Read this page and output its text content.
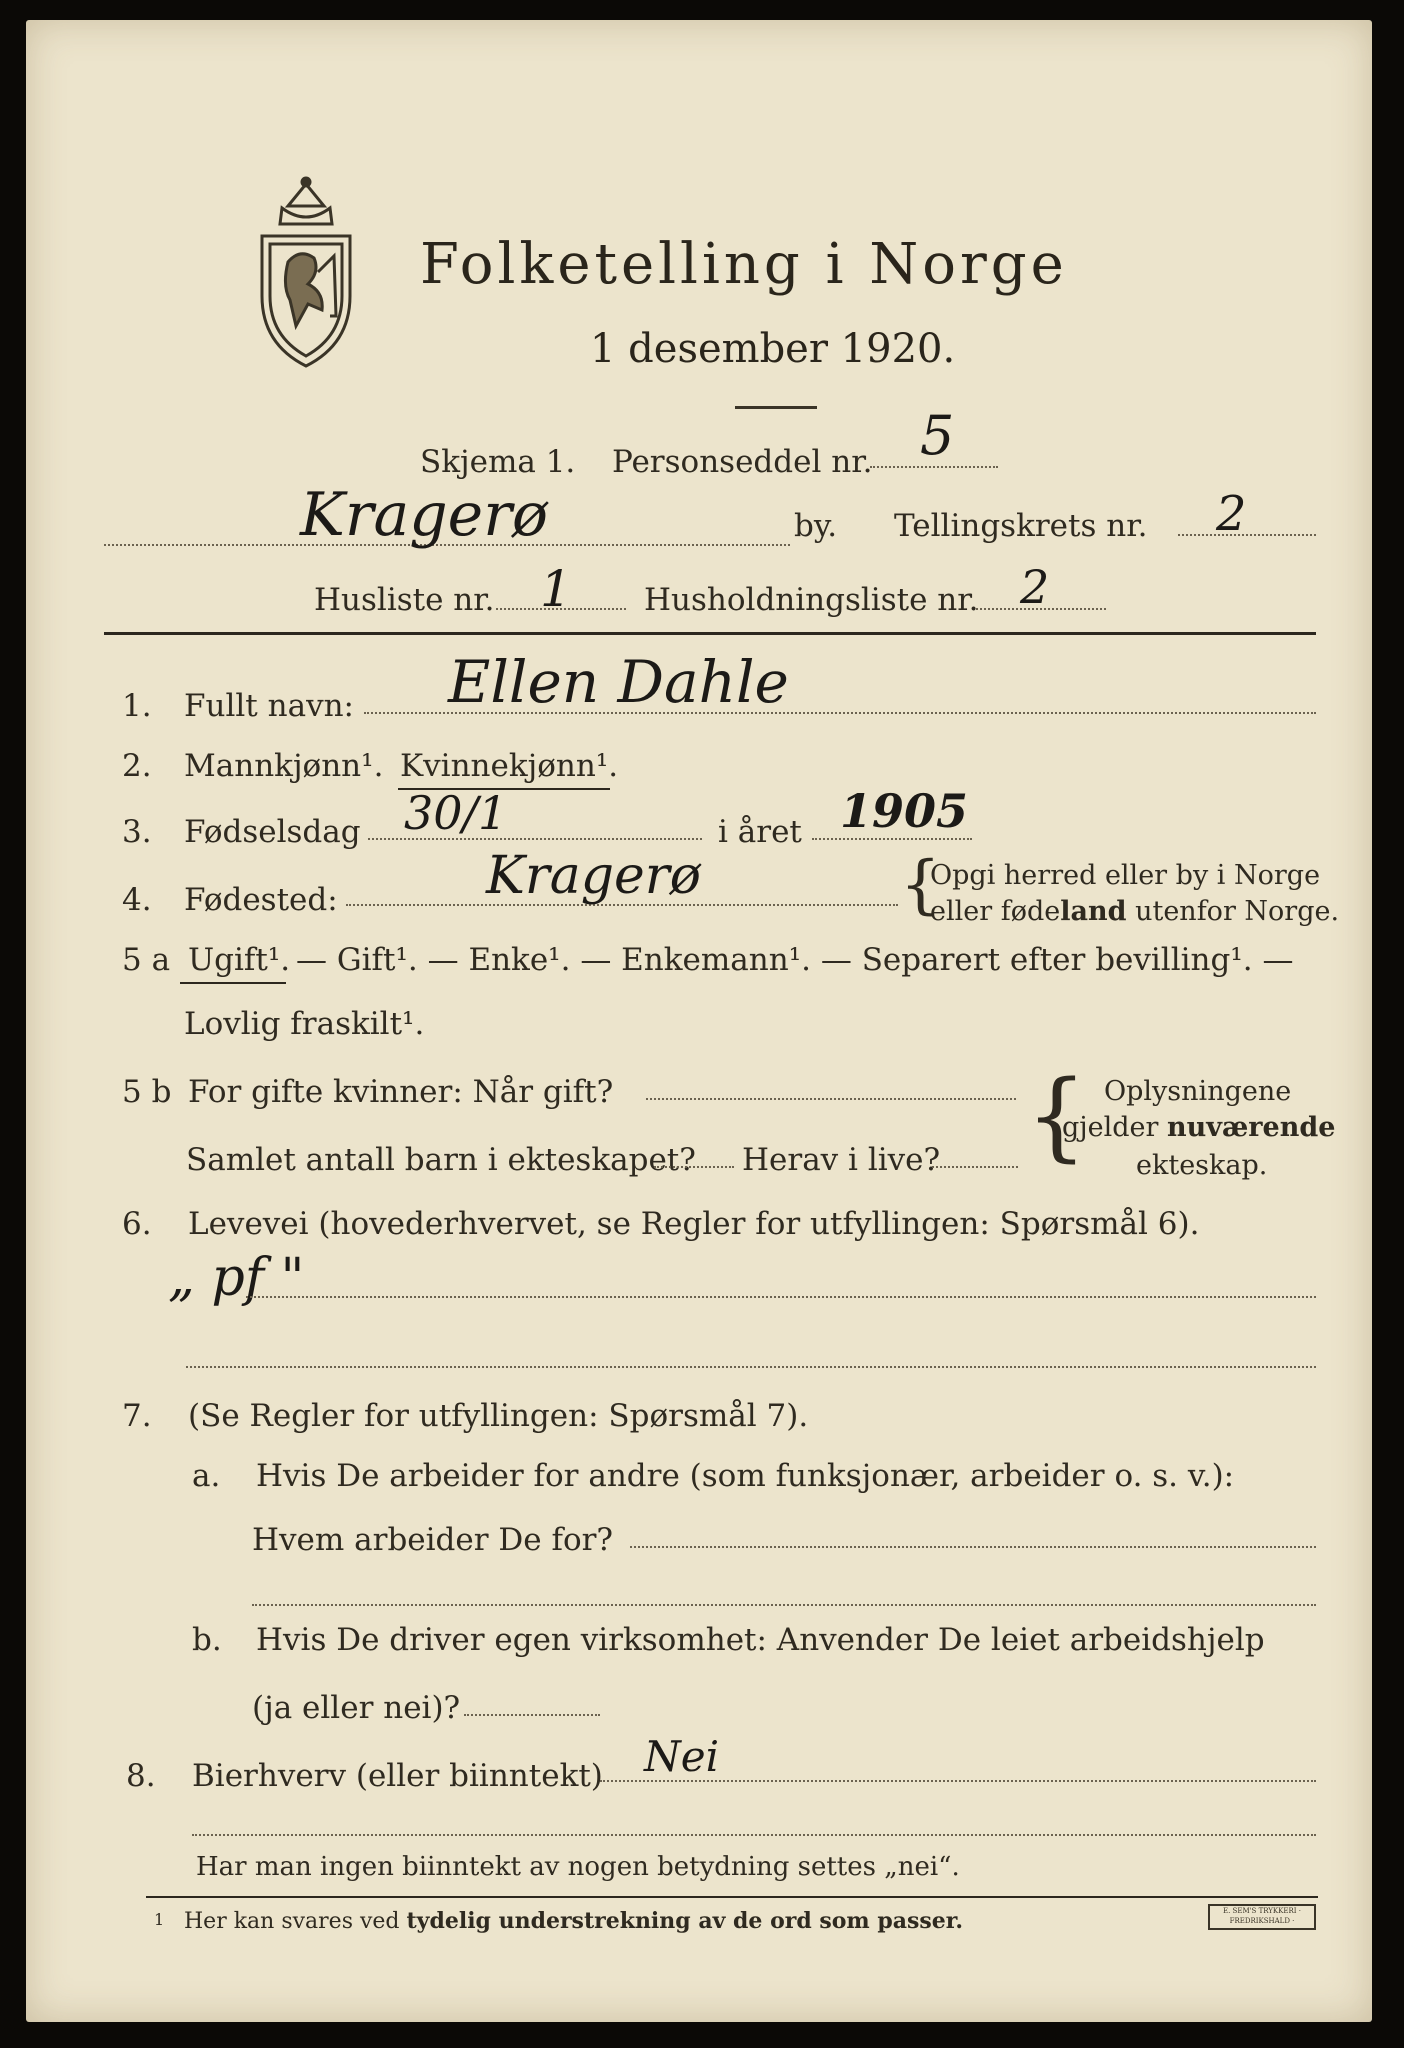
Folketelling i Norge
1 desember 1920.
Skjema 1. Personseddel nr. 5
Kragerø	by. Tellingskrets nr. 2
Husliste nr. 1 Husholdningsliste nr. 2
1. Fullt navn: Ellen Dahle
2. Mannkjønn¹. Kvinnekjønn¹.
3. Fødselsdag 30/1	i året 1905
4. Fødested:	Kragerø	{
Opgi herred eller by i Norge
eller fødeland utenfor Norge.
5 a Ugift¹. — Gift¹. — Enke¹. — Enkemann¹. — Separert efter bevilling¹. —
Lovlig fraskilt¹.
5 b For gifte kvinner: Når gift?
Samlet antall barn i ekteskapet? Herav i live? { Oplysningene
gjelder nuværende
ekteskap.
6. Levevei (hovederhvervet, se Regler for utfyllingen: Spørsmål 6).
„ pf "
7. (Se Regler for utfyllingen: Spørsmål 7).
a. Hvis De arbeider for andre (som funksjonær, arbeider o. s. v.):
Hvem arbeider De for?
b. Hvis De driver egen virksomhet: Anvender De leiet arbeidshjelp
(ja eller nei)?
8. Bierhverv (eller biinntekt) Nei
Har man ingen biinntekt av nogen betydning settes „nei“.
1 Her kan svares ved tydelig understrekning av de ord som passer.	E. SEM'S TRYKKERI · FREDRIKSHALD ·
